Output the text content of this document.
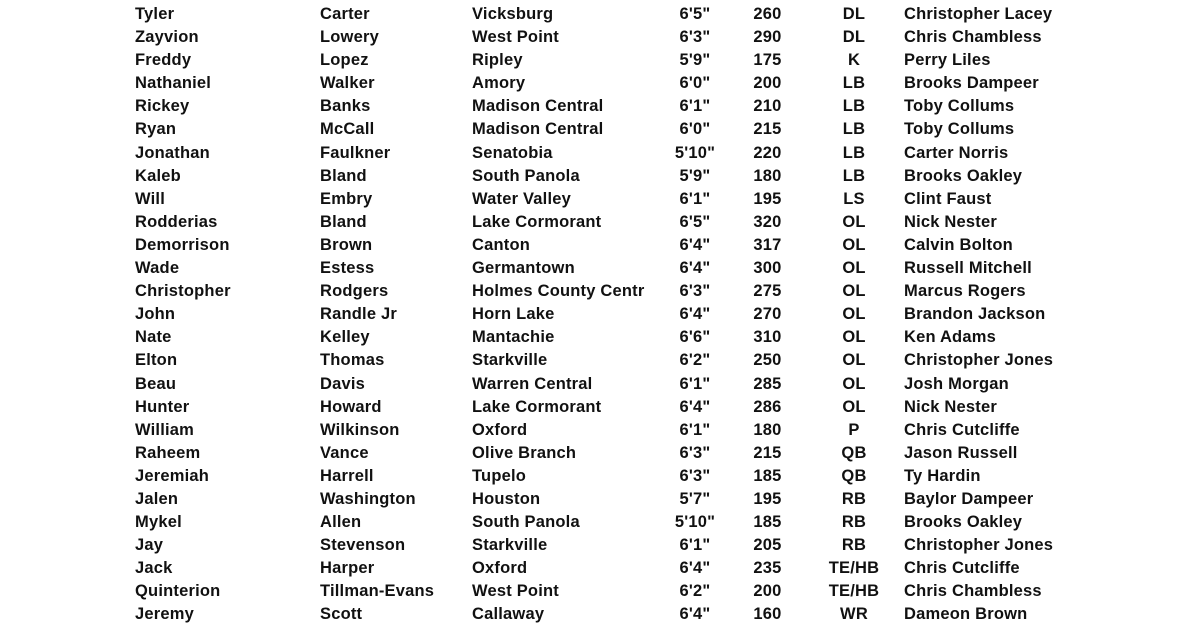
Tyler	Carter	Vicksburg	6'5"	260	DL	Christopher Lacey
Zayvion	Lowery	West Point	6'3"	290	DL	Chris Chambless
Freddy	Lopez	Ripley	5'9"	175	K	Perry Liles
Nathaniel	Walker	Amory	6'0"	200	LB	Brooks Dampeer
Rickey	Banks	Madison Central	6'1"	210	LB	Toby Collums
Ryan	McCall	Madison Central	6'0"	215	LB	Toby Collums
Jonathan	Faulkner	Senatobia	5'10"	220	LB	Carter Norris
Kaleb	Bland	South Panola	5'9"	180	LB	Brooks Oakley
Will	Embry	Water Valley	6'1"	195	LS	Clint Faust
Rodderias	Bland	Lake Cormorant	6'5"	320	OL	Nick Nester
Demorrison	Brown	Canton	6'4"	317	OL	Calvin Bolton
Wade	Estess	Germantown	6'4"	300	OL	Russell Mitchell
Christopher	Rodgers	Holmes County Centr	6'3"	275	OL	Marcus Rogers
John	Randle Jr	Horn Lake	6'4"	270	OL	Brandon Jackson
Nate	Kelley	Mantachie	6'6"	310	OL	Ken Adams
Elton	Thomas	Starkville	6'2"	250	OL	Christopher Jones
Beau	Davis	Warren Central	6'1"	285	OL	Josh Morgan
Hunter	Howard	Lake Cormorant	6'4"	286	OL	Nick Nester
William	Wilkinson	Oxford	6'1"	180	P	Chris Cutcliffe
Raheem	Vance	Olive Branch	6'3"	215	QB	Jason Russell
Jeremiah	Harrell	Tupelo	6'3"	185	QB	Ty Hardin
Jalen	Washington	Houston	5'7"	195	RB	Baylor Dampeer
Mykel	Allen	South Panola	5'10"	185	RB	Brooks Oakley
Jay	Stevenson	Starkville	6'1"	205	RB	Christopher Jones
Jack	Harper	Oxford	6'4"	235	TE/HB	Chris Cutcliffe
Quinterion	Tillman-Evans	West Point	6'2"	200	TE/HB	Chris Chambless
Jeremy	Scott	Callaway	6'4"	160	WR	Dameon Brown
